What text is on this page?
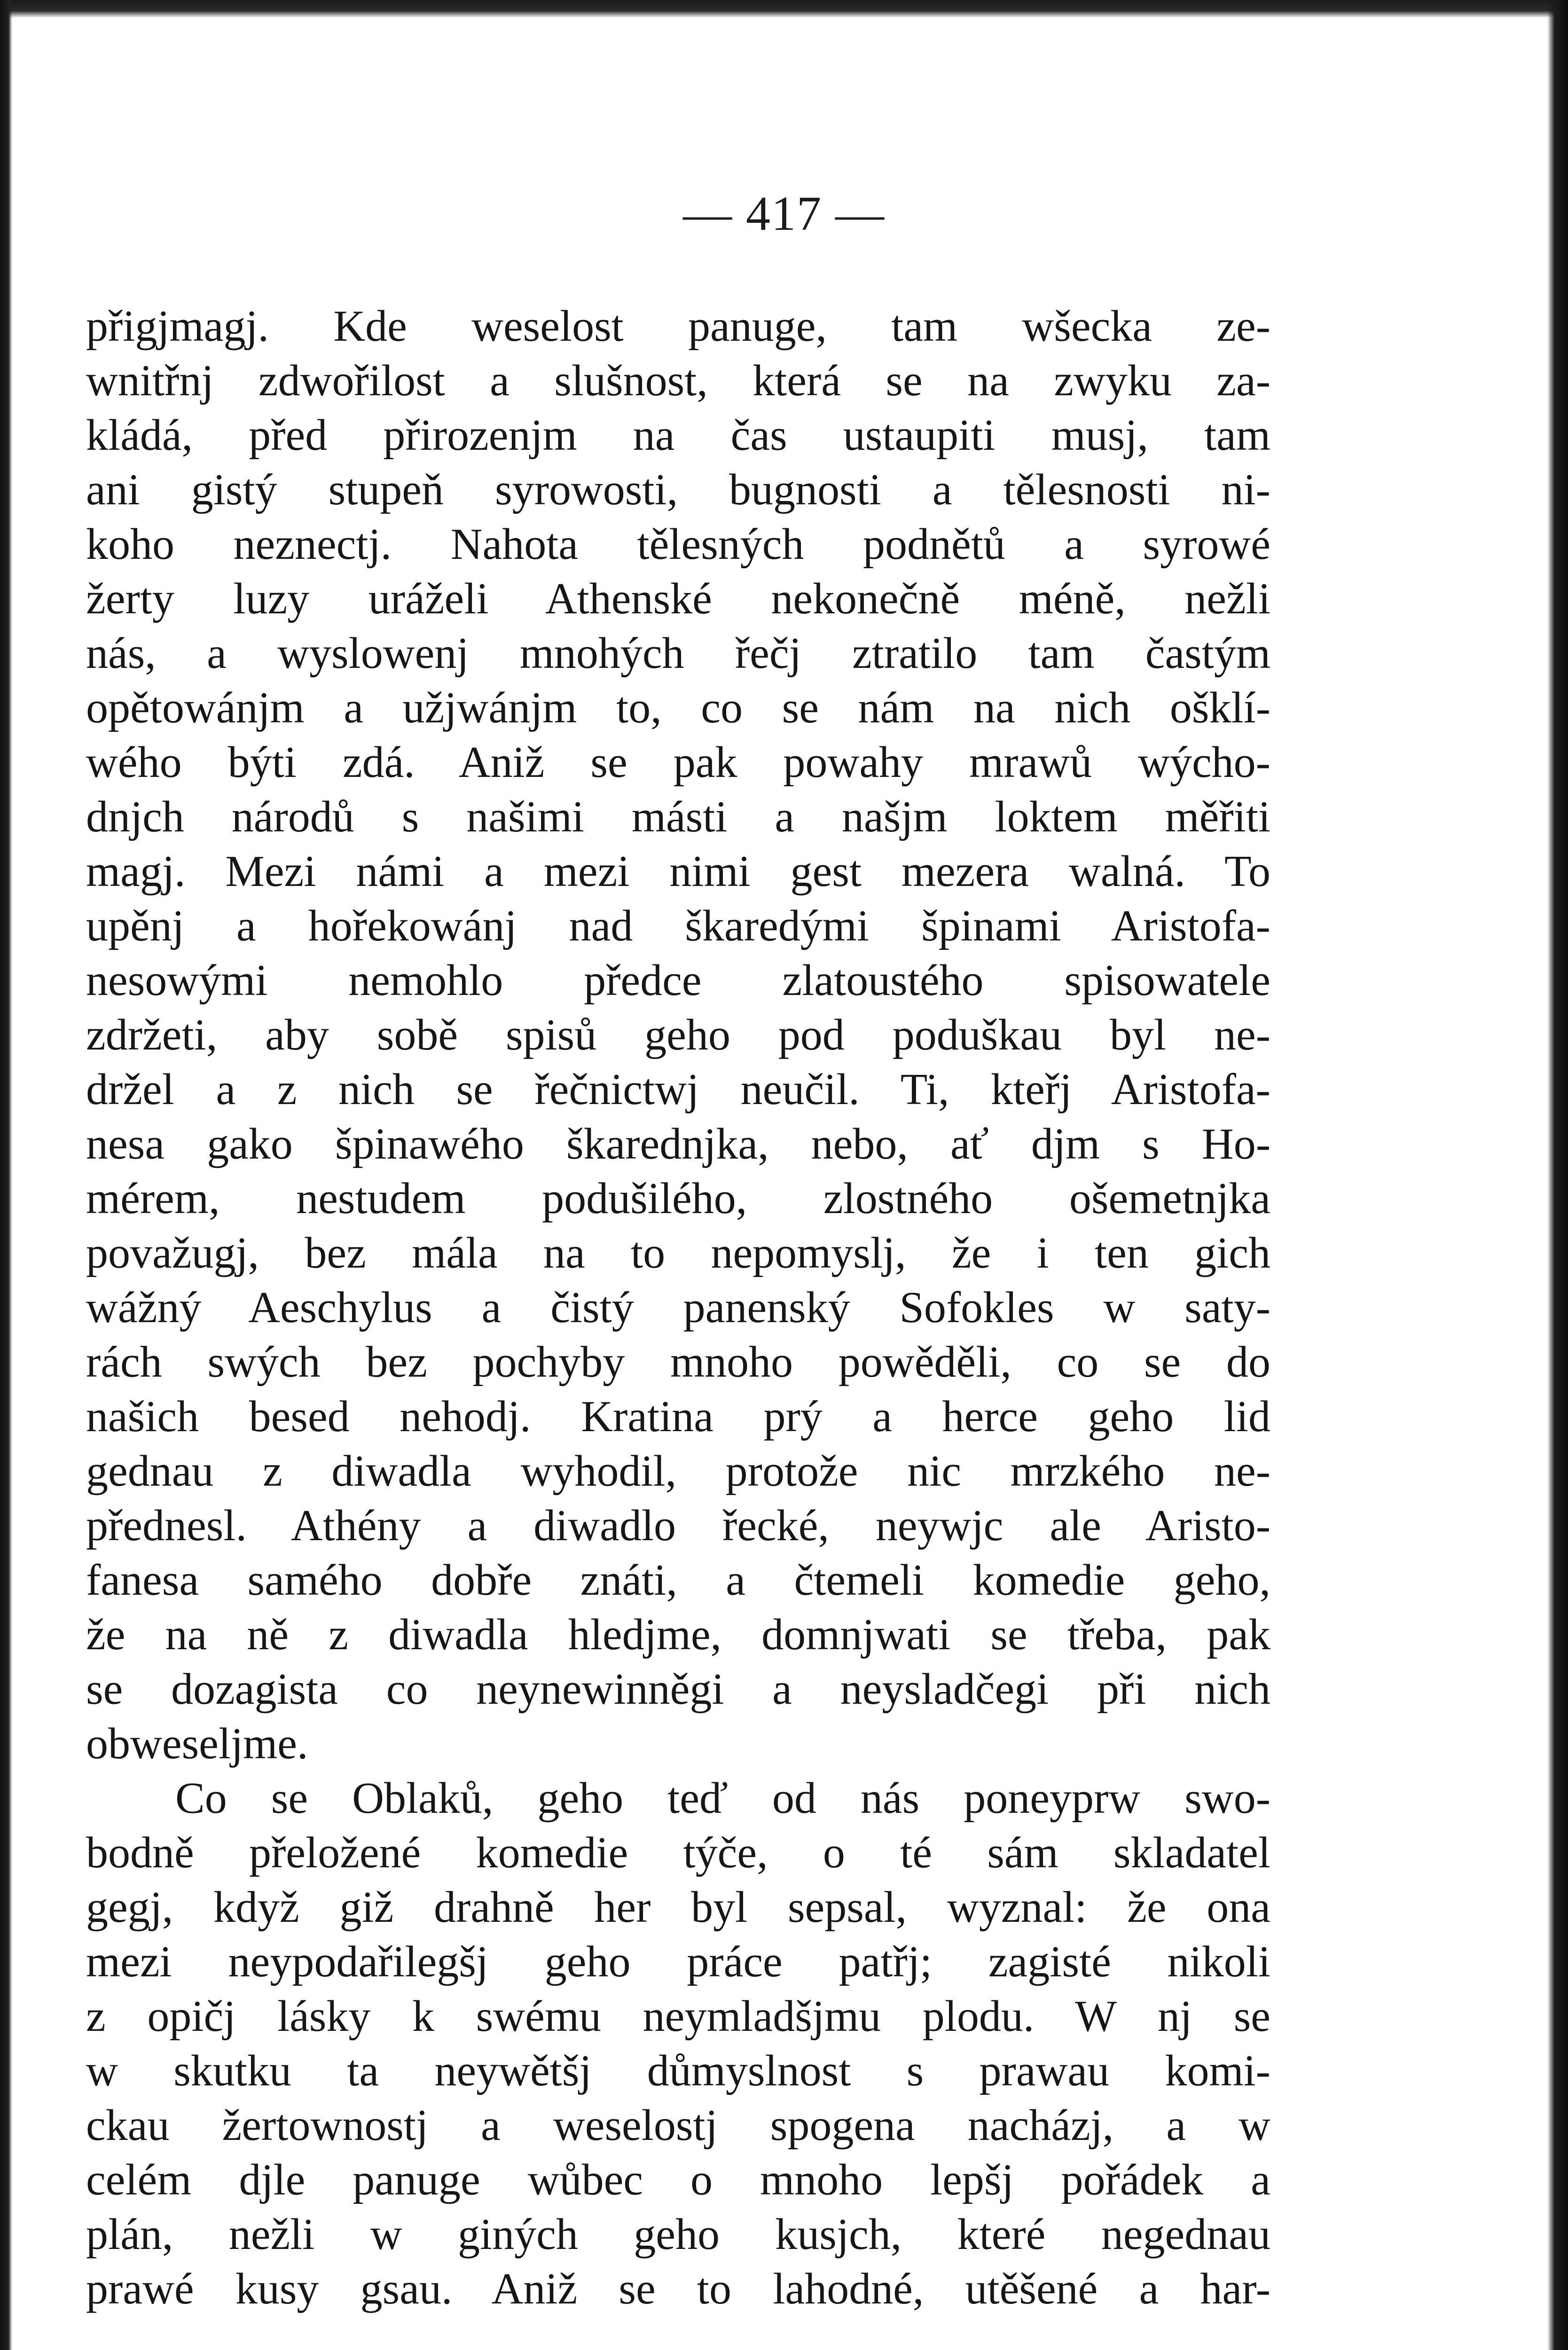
— 417 —
přigjmagj. Kde weselost panuge, tam wšecka ze-
wnitřnj zdwořilost a slušnost, která se na zwyku za-
kládá, před přirozenjm na čas ustaupiti musj, tam
ani gistý stupeň syrowosti, bugnosti a tělesnosti ni-
koho neznectj. Nahota tělesných podnětů a syrowé
žerty luzy uráželi Athenské nekonečně méně, nežli
nás, a wyslowenj mnohých řečj ztratilo tam častým
opětowánjm a užjwánjm to, co se nám na nich ošklí-
wého býti zdá. Aniž se pak powahy mrawů wýcho-
dnjch národů s našimi másti a našjm loktem měřiti
magj. Mezi námi a mezi nimi gest mezera walná. To
upěnj a hořekowánj nad škaredými špinami Aristofa-
nesowými nemohlo předce zlatoustého spisowatele
zdržeti, aby sobě spisů geho pod poduškau byl ne-
držel a z nich se řečnictwj neučil. Ti, kteřj Aristofa-
nesa gako špinawého škarednjka, nebo, ať djm s Ho-
mérem, nestudem podušilého, zlostného ošemetnjka
považugj, bez mála na to nepomyslj, že i ten gich
wážný Aeschylus a čistý panenský Sofokles w saty-
rách swých bez pochyby mnoho powěděli, co se do
našich besed nehodj. Kratina prý a herce geho lid
gednau z diwadla wyhodil, protože nic mrzkého ne-
přednesl. Athény a diwadlo řecké, neywjc ale Aristo-
fanesa samého dobře znáti, a čtemeli komedie geho,
že na ně z diwadla hledjme, domnjwati se třeba, pak
se dozagista co neynewinněgi a neysladčegi při nich
obweseljme.
Co se Oblaků, geho teď od nás poneyprw swo-
bodně přeložené komedie týče, o té sám skladatel
gegj, když giž drahně her byl sepsal, wyznal: že ona
mezi neypodařilegšj geho práce patřj; zagisté nikoli
z opičj lásky k swému neymladšjmu plodu. W nj se
w skutku ta neywětšj důmyslnost s prawau komi-
ckau žertownostj a weselostj spogena nacházj, a w
celém djle panuge wůbec o mnoho lepšj pořádek a
plán, nežli w giných geho kusjch, které negednau
prawé kusy gsau. Aniž se to lahodné, utěšené a har-
